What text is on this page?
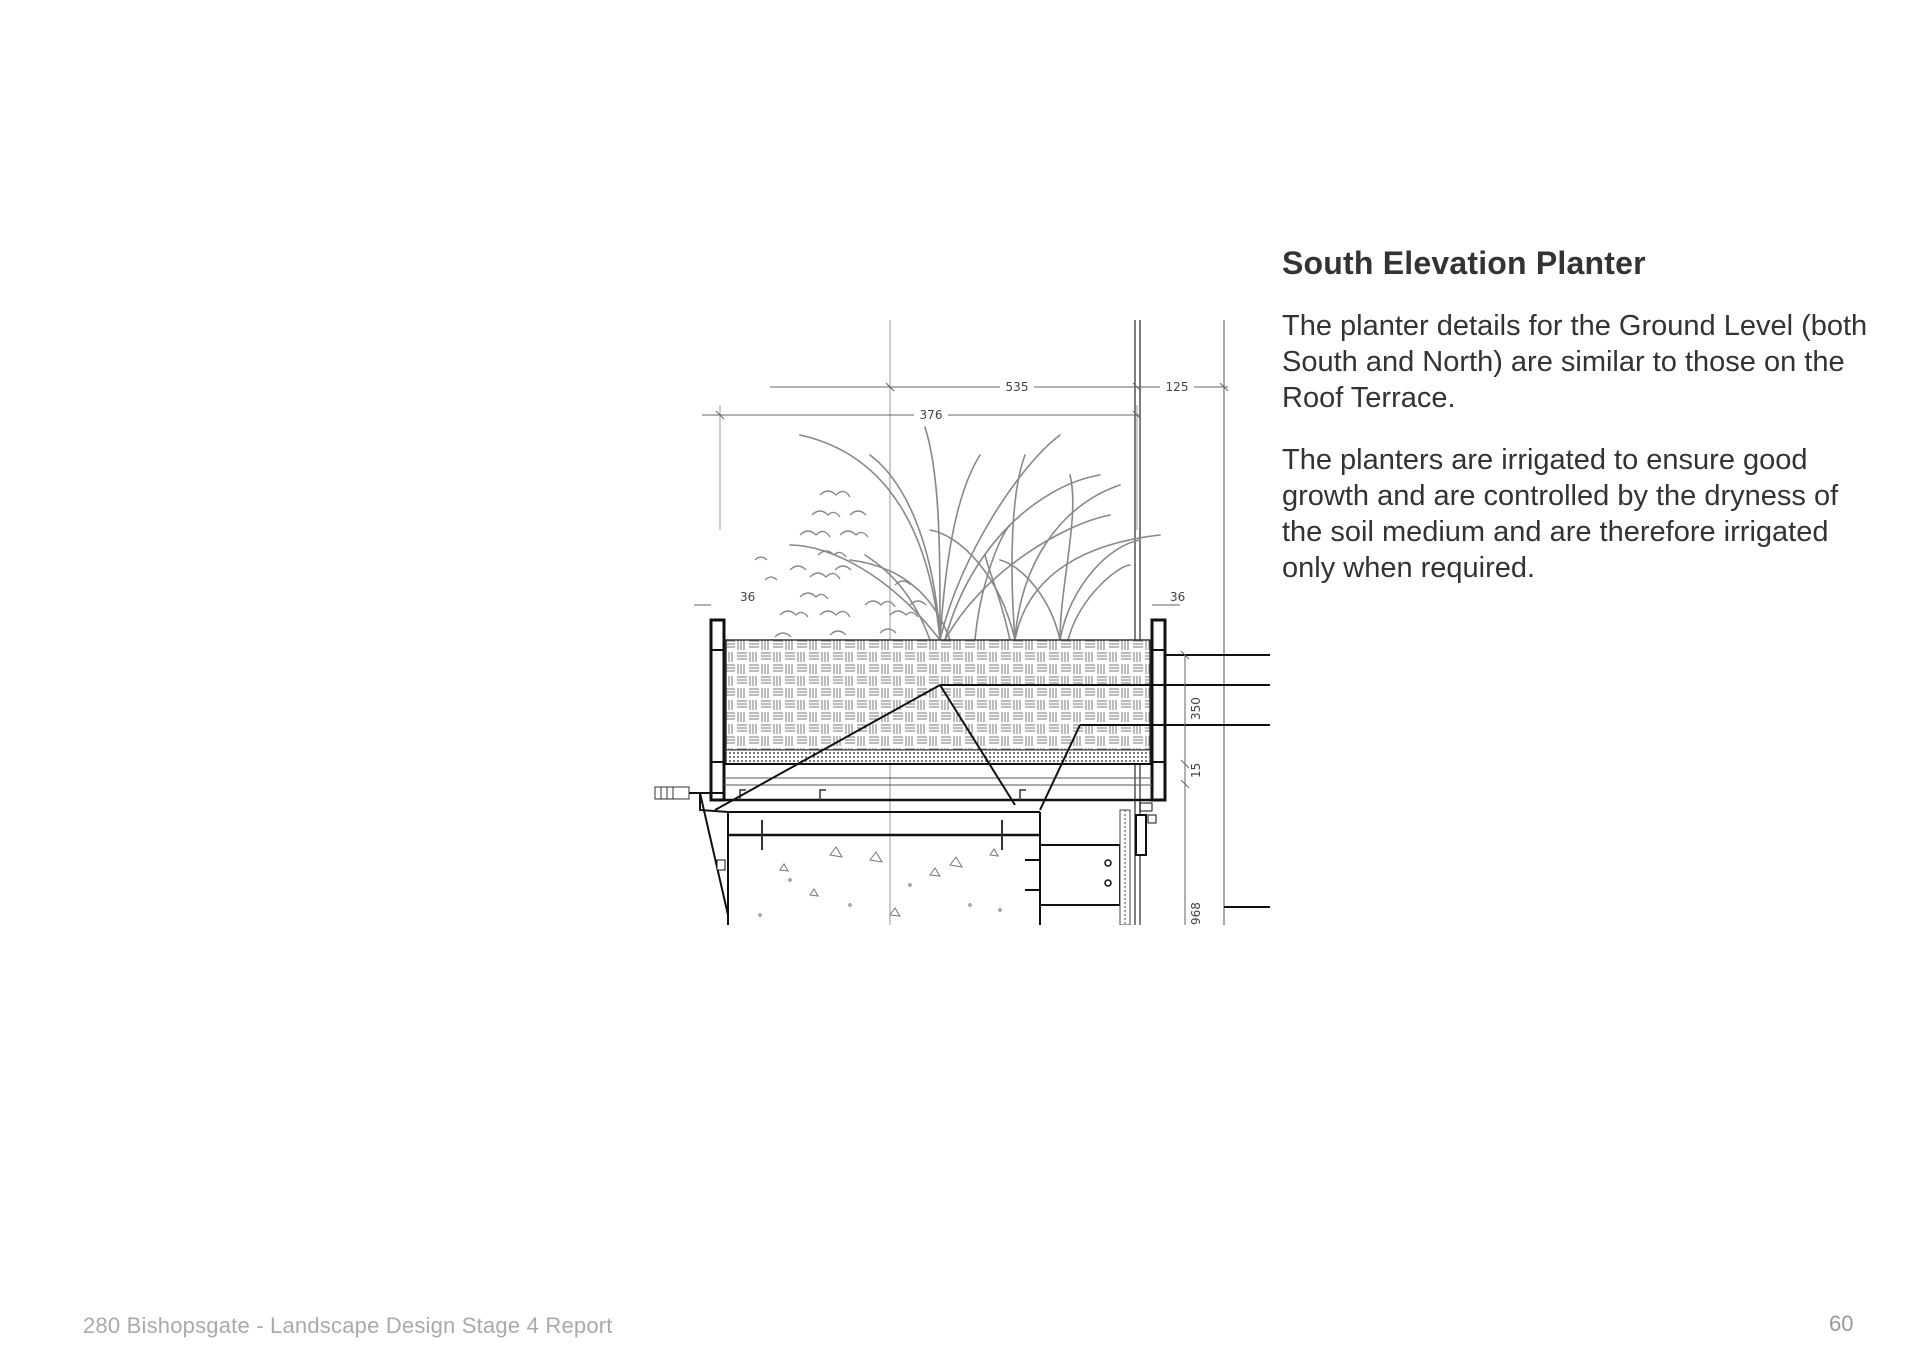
535	125
376
36	36
350
15
968
South Elevation Planter

The planter details for the Ground Level (both South and North) are similar to those on the Roof Terrace.

The planters are irrigated to ensure good growth and are controlled by the dryness of the soil medium and are therefore irrigated only when required.

280 Bishopsgate - Landscape Design Stage 4 Report	60
